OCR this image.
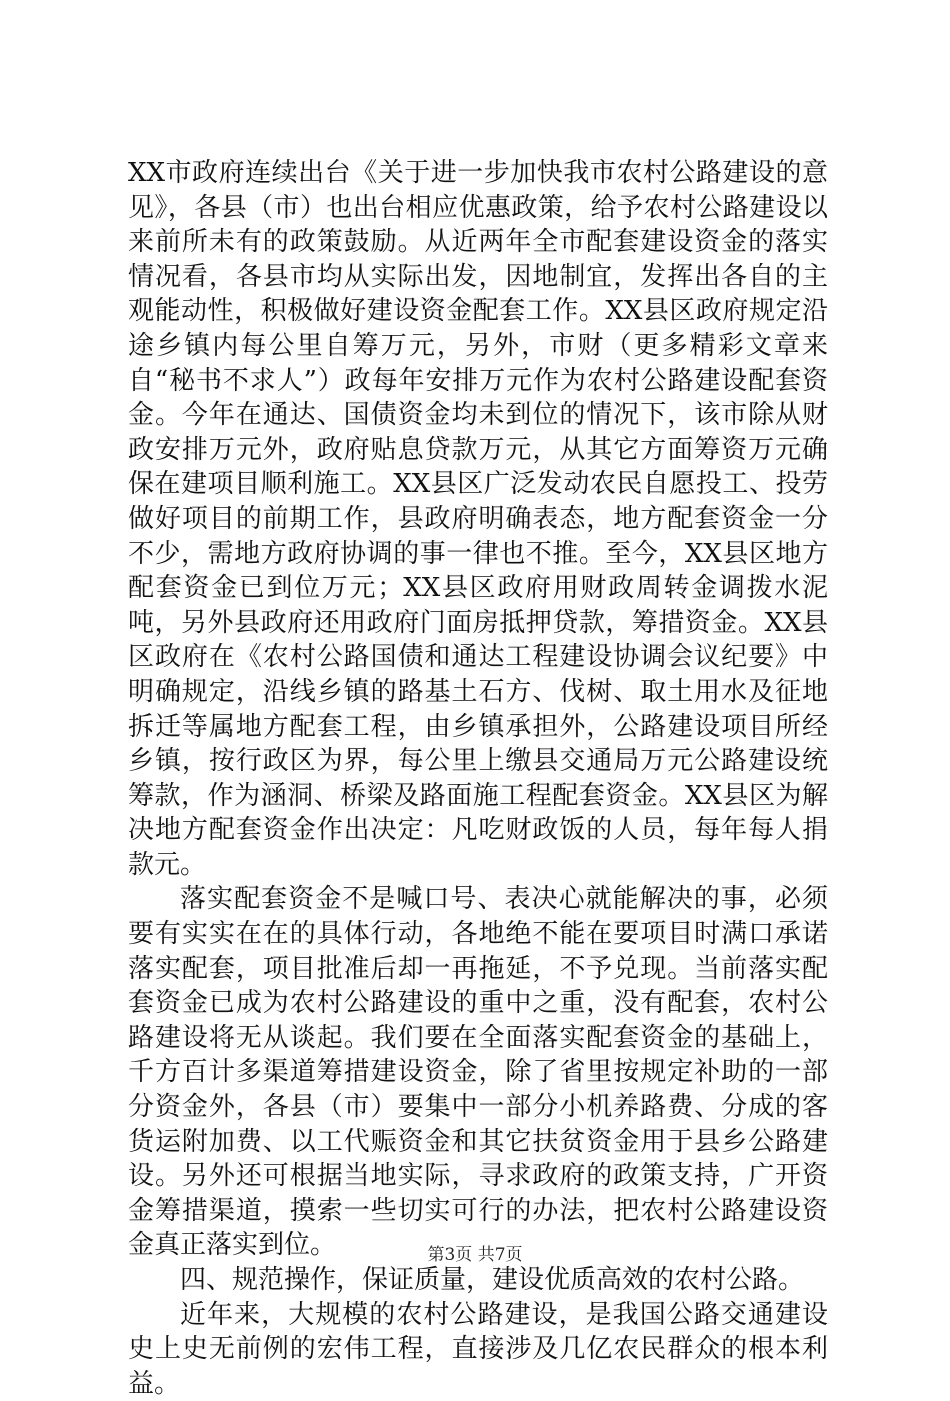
XX市政府连续出台《关于进一步加快我市农村公路建设的意见》，各县（市）也出台相应优惠政策，给予农村公路建设以来前所未有的政策鼓励。从近两年全市配套建设资金的落实情况看，各县市均从实际出发，因地制宜，发挥出各自的主观能动性，积极做好建设资金配套工作。XX县区政府规定沿途乡镇内每公里自筹万元，另外，市财（更多精彩文章来自“秘书不求人”）政每年安排万元作为农村公路建设配套资金。今年在通达、国债资金均未到位的情况下，该市除从财政安排万元外，政府贴息贷款万元，从其它方面筹资万元确保在建项目顺利施工。XX县区广泛发动农民自愿投工、投劳做好项目的前期工作，县政府明确表态，地方配套资金一分不少，需地方政府协调的事一律也不推。至今，XX县区地方配套资金已到位万元；XX县区政府用财政周转金调拨水泥吨，另外县政府还用政府门面房抵押贷款，筹措资金。XX县区政府在《农村公路国债和通达工程建设协调会议纪要》中明确规定，沿线乡镇的路基土石方、伐树、取土用水及征地拆迁等属地方配套工程，由乡镇承担外，公路建设项目所经乡镇，按行政区为界，每公里上缴县交通局万元公路建设统筹款，作为涵洞、桥梁及路面施工程配套资金。XX县区为解决地方配套资金作出决定：凡吃财政饭的人员，每年每人捐款元。

落实配套资金不是喊口号、表决心就能解决的事，必须要有实实在在的具体行动，各地绝不能在要项目时满口承诺落实配套，项目批准后却一再拖延，不予兑现。当前落实配套资金已成为农村公路建设的重中之重，没有配套，农村公路建设将无从谈起。我们要在全面落实配套资金的基础上，千方百计多渠道筹措建设资金，除了省里按规定补助的一部分资金外，各县（市）要集中一部分小机养路费、分成的客货运附加费、以工代赈资金和其它扶贫资金用于县乡公路建设。另外还可根据当地实际，寻求政府的政策支持，广开资金筹措渠道，摸索一些切实可行的办法，把农村公路建设资金真正落实到位。

四、规范操作，保证质量，建设优质高效的农村公路。

近年来，大规模的农村公路建设，是我国公路交通建设史上史无前例的宏伟工程，直接涉及几亿农民群众的根本利益。

第3页 共7页
